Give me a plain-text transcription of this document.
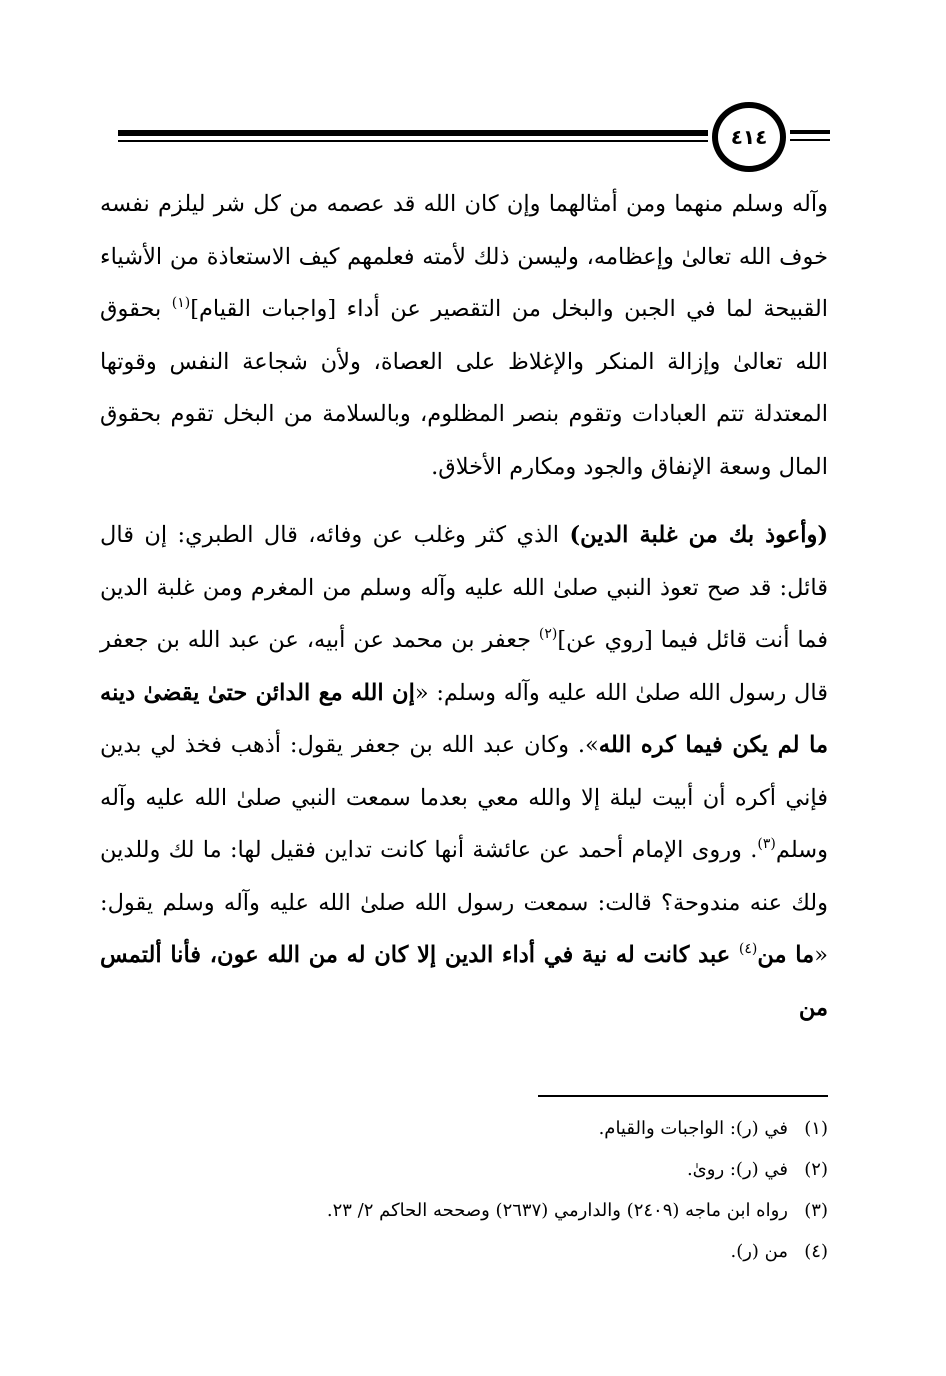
٤١٤

وآله وسلم منهما ومن أمثالهما وإن كان الله قد عصمه من كل شر ليلزم نفسه خوف الله تعالىٰ وإعظامه، وليسن ذلك لأمته فعلمهم كيف الاستعاذة من الأشياء القبيحة لما في الجبن والبخل من التقصير عن أداء [واجبات القيام]$^{(١)}$ بحقوق الله تعالىٰ وإزالة المنكر والإغلاظ على العصاة، ولأن شجاعة النفس وقوتها المعتدلة تتم العبادات وتقوم بنصر المظلوم، وبالسلامة من البخل تقوم بحقوق المال وسعة الإنفاق والجود ومكارم الأخلاق.

(وأعوذ بك من غلبة الدين) الذي كثر وغلب عن وفائه، قال الطبري: إن قال قائل: قد صح تعوذ النبي صلىٰ الله عليه وآله وسلم من المغرم ومن غلبة الدين فما أنت قائل فيما [روي عن]$^{(٢)}$ جعفر بن محمد عن أبيه، عن عبد الله بن جعفر قال رسول الله صلىٰ الله عليه وآله وسلم: «إن الله مع الدائن حتىٰ يقضىٰ دينه ما لم يكن فيما كره الله». وكان عبد الله بن جعفر يقول: أذهب فخذ لي بدين فإني أكره أن أبيت ليلة إلا والله معي بعدما سمعت النبي صلىٰ الله عليه وآله وسلم$^{(٣)}$. وروى الإمام أحمد عن عائشة أنها كانت تداين فقيل لها: ما لك وللدين ولك عنه مندوحة؟ قالت: سمعت رسول الله صلىٰ الله عليه وآله وسلم يقول: «ما من$^{(٤)}$ عبد كانت له نية في أداء الدين إلا كان له من الله عون، فأنا ألتمس من

(١)في (ر): الواجبات والقيام.
(٢)في (ر): روىٰ.
(٣)رواه ابن ماجه (٢٤٠٩) والدارمي (٢٦٣٧) وصححه الحاكم ٢/ ٢٣.
(٤)من (ر).
